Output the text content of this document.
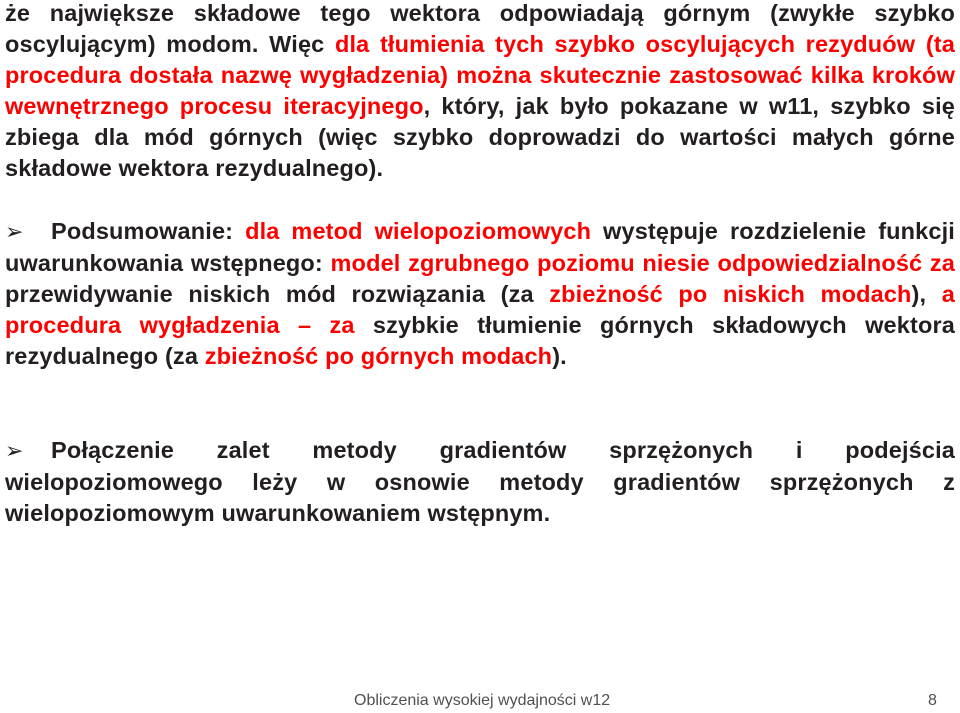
że największe składowe tego wektora odpowiadają górnym (zwykłe szybko oscylującym) modom. Więc dla tłumienia tych szybko oscylujących rezyduów (ta procedura dostała nazwę wygładzenia) można skutecznie zastosować kilka kroków wewnętrznego procesu iteracyjnego, który, jak było pokazane w w11, szybko się zbiega dla mód górnych (więc szybko doprowadzi do wartości małych górne składowe wektora rezydualnego).

➢ Podsumowanie: dla metod wielopoziomowych występuje rozdzielenie funkcji uwarunkowania wstępnego: model zgrubnego poziomu niesie odpowiedzialność za przewidywanie niskich mód rozwiązania (za zbieżność po niskich modach), a procedura wygładzenia – za szybkie tłumienie górnych składowych wektora rezydualnego (za zbieżność po górnych modach).

➢ Połączenie zalet metody gradientów sprzężonych i podejścia wielopoziomowego leży w osnowie metody gradientów sprzężonych z wielopoziomowym uwarunkowaniem wstępnym.

Obliczenia wysokiej wydajności w12	8
